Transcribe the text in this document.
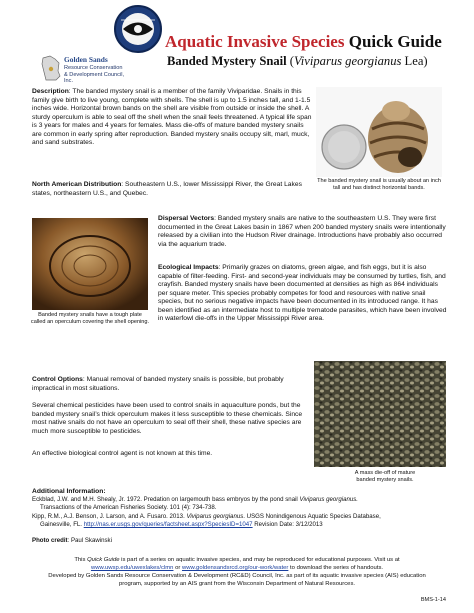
Golden Sands
Resource Conservation
& Development Council, Inc.
Aquatic Invasive Species Quick Guide
Banded Mystery Snail (Viviparus georgianus Lea)
Description: The banded mystery snail is a member of the family Viviparidae. Snails in this family give birth to live young, complete with shells. The shell is up to 1.5 inches tall, and 1-1.5 inches wide. Horizontal brown bands on the shell are visible from outside or inside the shell. A sturdy operculum is able to seal off the shell when the snail feels threatened. A typical life span is 3 years for males and 4 years for females. Mass die-offs of mature banded mystery snails are common in early spring after reproduction. Banded mystery snails occupy silt, marl, muck, and sand substrates.
North American Distribution: Southeastern U.S., lower Mississippi River, the Great Lakes states, northeastern U.S., and Quebec.
The banded mystery snail is usually about an inch tall and has distinct horizontal bands.
Dispersal Vectors: Banded mystery snails are native to the southeastern U.S. They were first documented in the Great Lakes basin in 1867 when 200 banded mystery snails were intentionally released by a civilian into the Hudson River drainage. Introductions have probably also occurred via the aquarium trade.
Banded mystery snails have a tough plate called an operculum covering the shell opening.
Ecological Impacts: Primarily grazes on diatoms, green algae, and fish eggs, but it is also capable of filter-feeding. First- and second-year individuals may be consumed by turtles, fish, and crayfish. Banded mystery snails have been documented at densities as high as 864 individuals per square meter. This species probably competes for food and resources with native snail species, but no serious negative impacts have been documented in its introduced range. It has been identified as an intermediate host to multiple trematode parasites, which have been involved in waterfowl die-offs in the Upper Mississippi River area.
Control Options: Manual removal of banded mystery snails is possible, but probably impractical in most situations.
Several chemical pesticides have been used to control snails in aquaculture ponds, but the banded mystery snail’s thick operculum makes it less susceptible to these chemicals. Since most native snails do not have an operculum to seal off their shell, these native species are much more susceptible to pesticides.
An effective biological control agent is not known at this time.
A mass die-off of mature banded mystery snails.
Additional Information:
Eckblad, J.W. and M.H. Shealy, Jr. 1972. Predation on largemouth bass embryos by the pond snail Viviparus georgianus.
Transactions of the American Fisheries Society. 101 (4): 734-738.
Kipp, R.M., A.J. Benson, J. Larson, and A. Fusaro. 2013. Viviparus georgianus. USGS Nonindigenous Aquatic Species Database,
Gainesville, FL. http://nas.er.usgs.gov/queries/factsheet.aspx?SpeciesID=1047 Revision Date: 3/12/2013
Photo credit: Paul Skawinski
This Quick Guide is part of a series on aquatic invasive species, and may be reproduced for educational purposes. Visit us at
www.uwsp.edu/uwexlakes/clmn or www.goldensandsrcd.org/our-work/water to download the series of handouts.
Developed by Golden Sands Resource Conservation & Development (RC&D) Council, Inc. as part of its aquatic invasive species (AIS) education
program, supported by an AIS grant from the Wisconsin Department of Natural Resources.
BMS-1-14
